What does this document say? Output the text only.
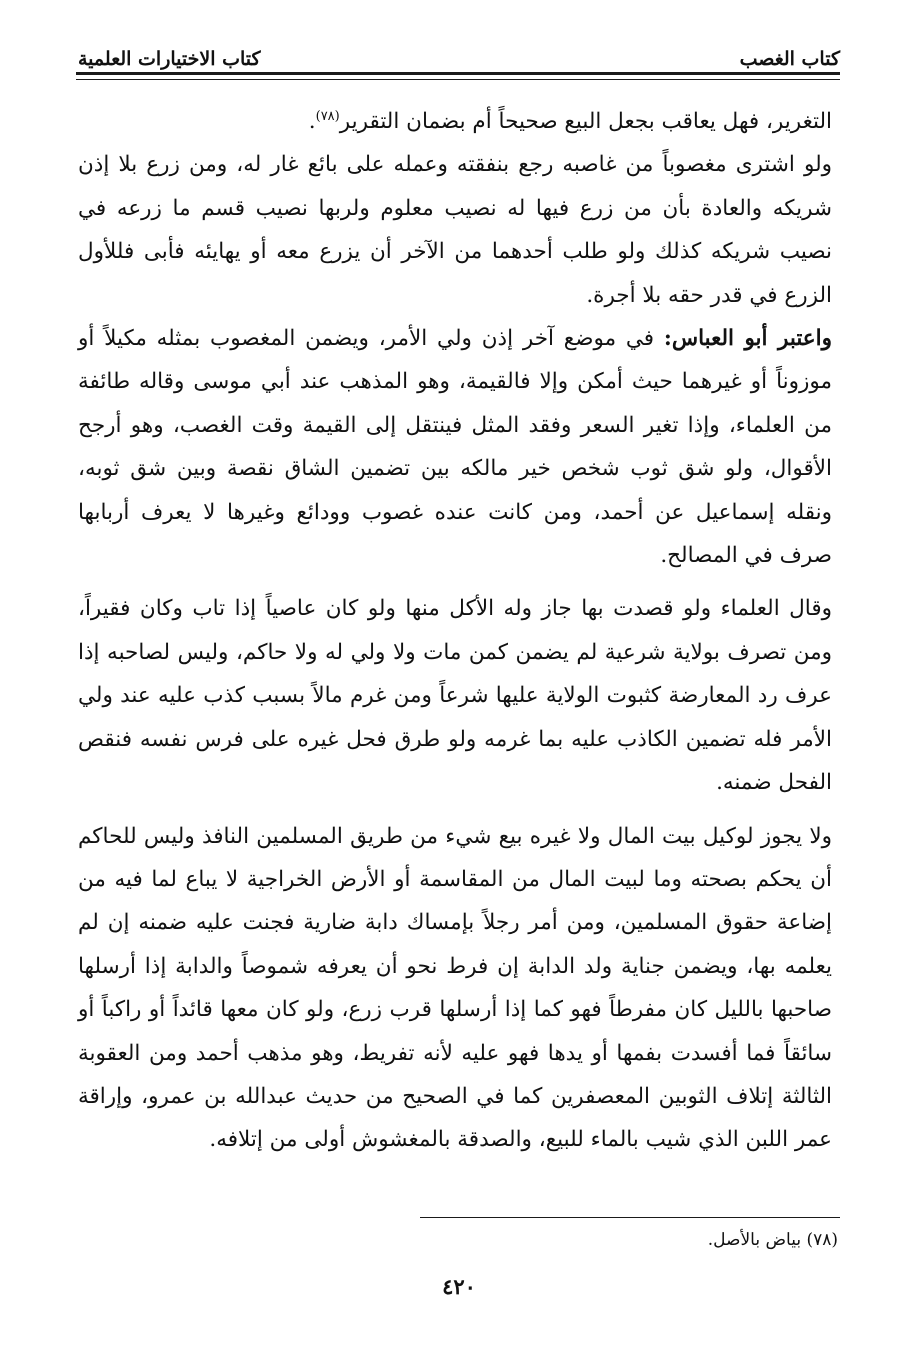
كتاب الغصب
كتاب الاختيارات العلمية

التغرير، فهل يعاقب بجعل البيع صحيحاً أم بضمان التقرير$^{(٧٨)}$.

ولو اشترى مغصوباً من غاصبه رجع بنفقته وعمله على بائع غار له، ومن زرع بلا إذن شريكه والعادة بأن من زرع فيها له نصيب معلوم ولربها نصيب قسم ما زرعه في نصيب شريكه كذلك ولو طلب أحدهما من الآخر أن يزرع معه أو يهايئه فأبى فللأول الزرع في قدر حقه بلا أجرة.

واعتبر أبو العباس: في موضع آخر إذن ولي الأمر، ويضمن المغصوب بمثله مكيلاً أو موزوناً أو غيرهما حيث أمكن وإلا فالقيمة، وهو المذهب عند أبي موسى وقاله طائفة من العلماء، وإذا تغير السعر وفقد المثل فينتقل إلى القيمة وقت الغصب، وهو أرجح الأقوال، ولو شق ثوب شخص خير مالكه بين تضمين الشاق نقصة وبين شق ثوبه، ونقله إسماعيل عن أحمد، ومن كانت عنده غصوب وودائع وغيرها لا يعرف أربابها صرف في المصالح.

وقال العلماء ولو قصدت بها جاز وله الأكل منها ولو كان عاصياً إذا تاب وكان فقيراً، ومن تصرف بولاية شرعية لم يضمن كمن مات ولا ولي له ولا حاكم، وليس لصاحبه إذا عرف رد المعارضة كثبوت الولاية عليها شرعاً ومن غرم مالاً بسبب كذب عليه عند ولي الأمر فله تضمين الكاذب عليه بما غرمه ولو طرق فحل غيره على فرس نفسه فنقص الفحل ضمنه.

ولا يجوز لوكيل بيت المال ولا غيره بيع شيء من طريق المسلمين النافذ وليس للحاكم أن يحكم بصحته وما لبيت المال من المقاسمة أو الأرض الخراجية لا يباع لما فيه من إضاعة حقوق المسلمين، ومن أمر رجلاً بإمساك دابة ضارية فجنت عليه ضمنه إن لم يعلمه بها، ويضمن جناية ولد الدابة إن فرط نحو أن يعرفه شموصاً والدابة إذا أرسلها صاحبها بالليل كان مفرطاً فهو كما إذا أرسلها قرب زرع، ولو كان معها قائداً أو راكباً أو سائقاً فما أفسدت بفمها أو يدها فهو عليه لأنه تفريط، وهو مذهب أحمد ومن العقوبة الثالثة إتلاف الثوبين المعصفرين كما في الصحيح من حديث عبدالله بن عمرو، وإراقة عمر اللبن الذي شيب بالماء للبيع، والصدقة بالمغشوش أولى من إتلافه.

(٧٨) بياض بالأصل.
٤٢٠
